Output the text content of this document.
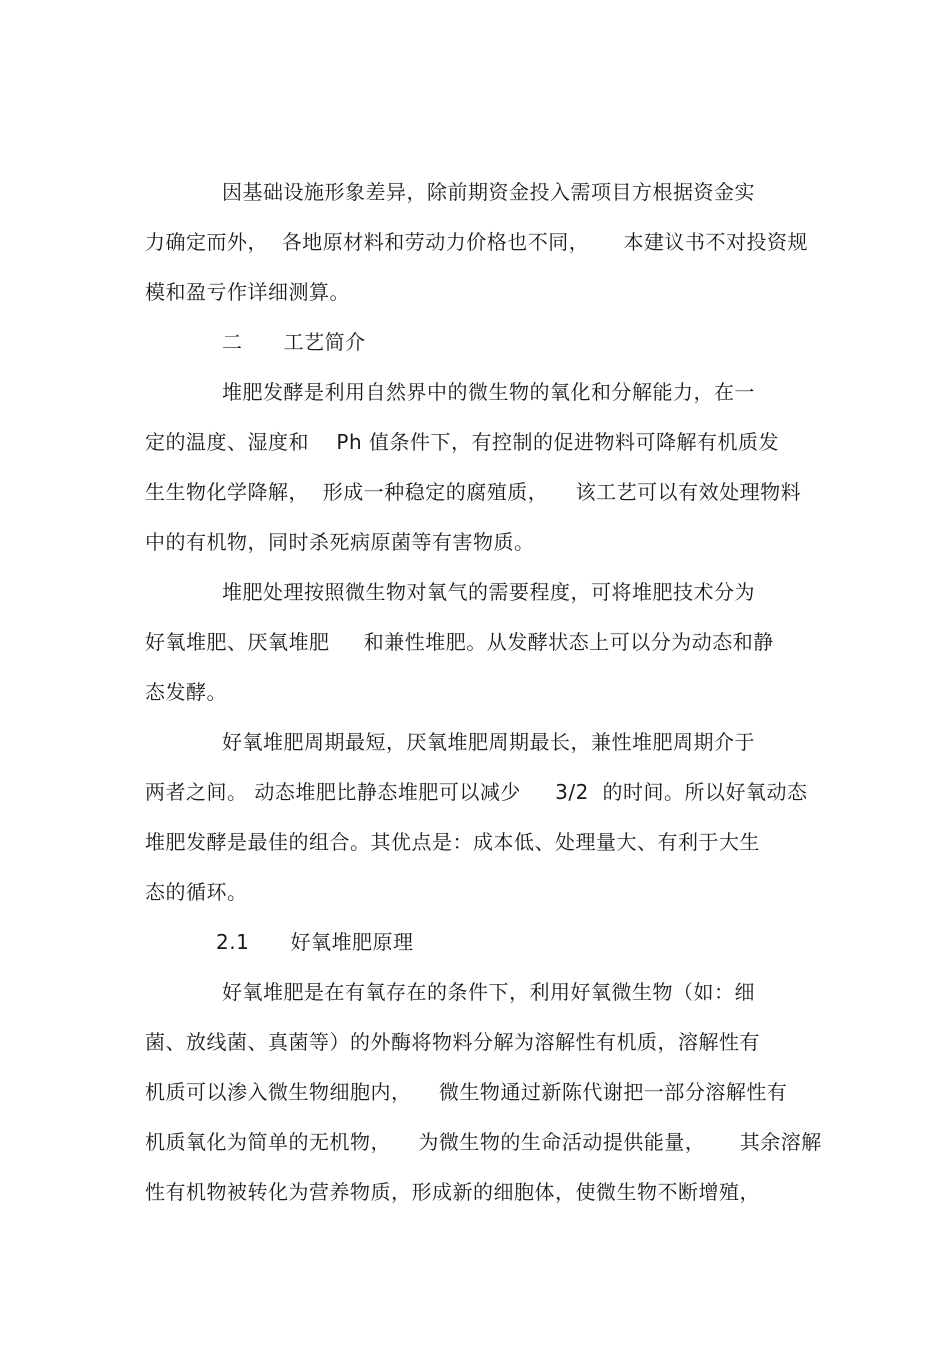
因基础设施形象差异，除前期资金投入需项目方根据资金实
力确定而外，  各地原材料和劳动力价格也不同，     本建议书不对投资规
模和盈亏作详细测算。
二      工艺简介
堆肥发酵是利用自然界中的微生物的氧化和分解能力，在一
定的温度、湿度和    Ph 值条件下，有控制的促进物料可降解有机质发
生生物化学降解，  形成一种稳定的腐殖质，    该工艺可以有效处理物料
中的有机物，同时杀死病原菌等有害物质。
堆肥处理按照微生物对氧气的需要程度，可将堆肥技术分为
好氧堆肥、厌氧堆肥     和兼性堆肥。从发酵状态上可以分为动态和静
态发酵。
好氧堆肥周期最短，厌氧堆肥周期最长，兼性堆肥周期介于
两者之间。 动态堆肥比静态堆肥可以减少     3/2  的时间。所以好氧动态
堆肥发酵是最佳的组合。其优点是：成本低、处理量大、有利于大生
态的循环。
2.1      好氧堆肥原理
好氧堆肥是在有氧存在的条件下，利用好氧微生物（如：细
菌、放线菌、真菌等）的外酶将物料分解为溶解性有机质，溶解性有
机质可以渗入微生物细胞内，    微生物通过新陈代谢把一部分溶解性有
机质氧化为简单的无机物，    为微生物的生命活动提供能量，     其余溶解
性有机物被转化为营养物质，形成新的细胞体，使微生物不断增殖，
